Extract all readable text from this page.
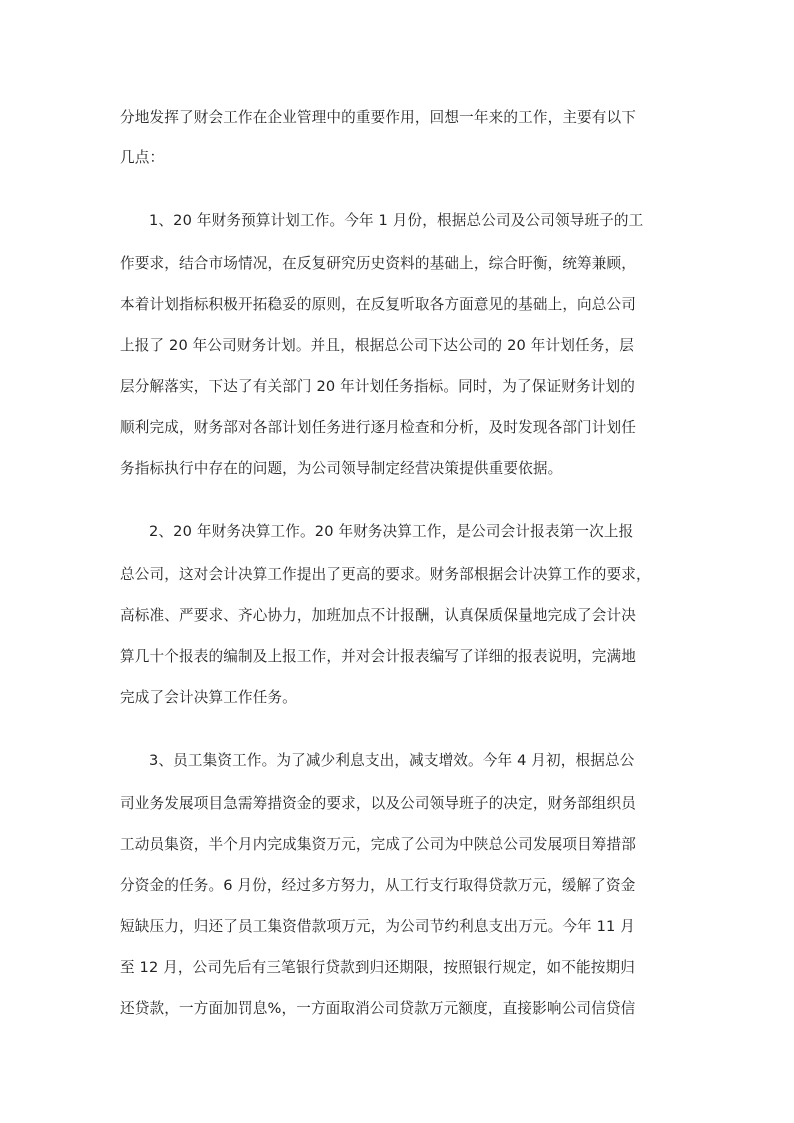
分地发挥了财会工作在企业管理中的重要作用，回想一年来的工作，主要有以下
几点：
1、20 年财务预算计划工作。今年 1 月份，根据总公司及公司领导班子的工
作要求，结合市场情况，在反复研究历史资料的基础上，综合盱衡，统筹兼顾，
本着计划指标积极开拓稳妥的原则，在反复听取各方面意见的基础上，向总公司
上报了 20 年公司财务计划。并且，根据总公司下达公司的 20 年计划任务，层
层分解落实，下达了有关部门 20 年计划任务指标。同时，为了保证财务计划的
顺利完成，财务部对各部计划任务进行逐月检查和分析，及时发现各部门计划任
务指标执行中存在的问题，为公司领导制定经营决策提供重要依据。
2、20 年财务决算工作。20 年财务决算工作，是公司会计报表第一次上报
总公司，这对会计决算工作提出了更高的要求。财务部根据会计决算工作的要求，
高标准、严要求、齐心协力，加班加点不计报酬，认真保质保量地完成了会计决
算几十个报表的编制及上报工作，并对会计报表编写了详细的报表说明，完满地
完成了会计决算工作任务。
3、员工集资工作。为了减少利息支出，减支增效。今年 4 月初，根据总公
司业务发展项目急需筹措资金的要求，以及公司领导班子的决定，财务部组织员
工动员集资，半个月内完成集资万元，完成了公司为中陕总公司发展项目筹措部
分资金的任务。6 月份，经过多方努力，从工行支行取得贷款万元，缓解了资金
短缺压力，归还了员工集资借款项万元，为公司节约利息支出万元。今年 11 月
至 12 月，公司先后有三笔银行贷款到归还期限，按照银行规定，如不能按期归
还贷款，一方面加罚息%，一方面取消公司贷款万元额度，直接影响公司信贷信
